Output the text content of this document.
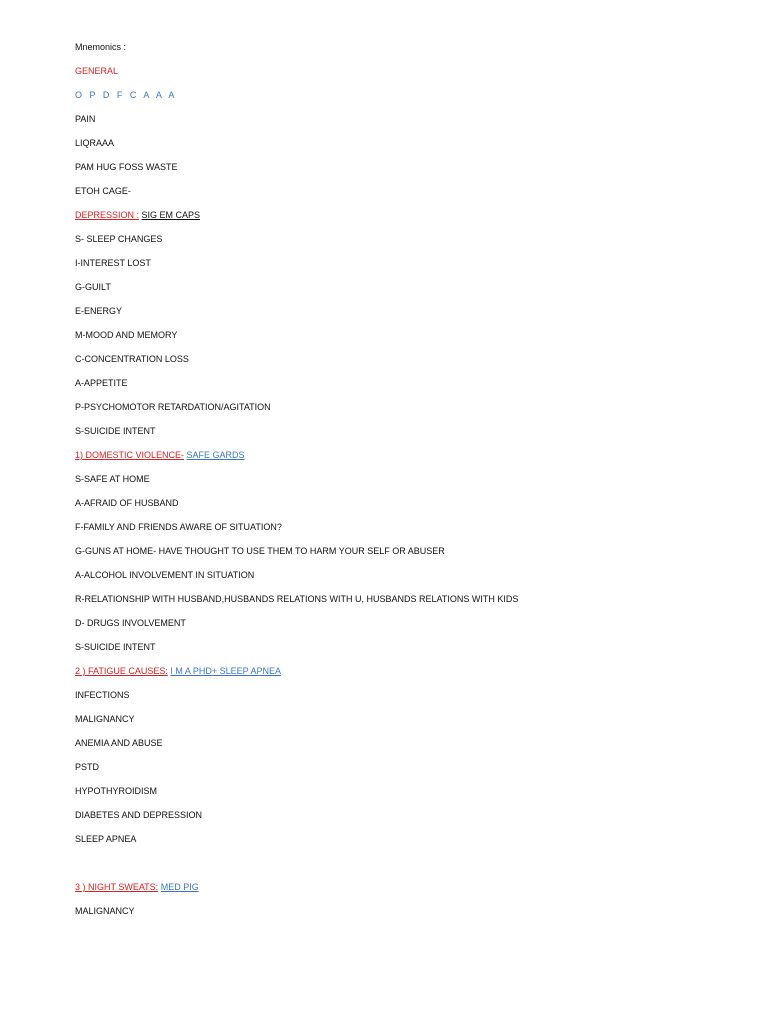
Mnemonics :
GENERAL
O P D F C A A A
PAIN
LIQRAAA
PAM HUG FOSS WASTE
ETOH CAGE-
DEPRESSION : SIG EM CAPS
S- SLEEP CHANGES
I-INTEREST LOST
G-GUILT
E-ENERGY
M-MOOD AND MEMORY
C-CONCENTRATION LOSS
A-APPETITE
P-PSYCHOMOTOR RETARDATION/AGITATION
S-SUICIDE INTENT
1) DOMESTIC VIOLENCE- SAFE GARDS
S-SAFE AT HOME
A-AFRAID OF HUSBAND
F-FAMILY AND FRIENDS AWARE OF SITUATION?
G-GUNS AT HOME- HAVE THOUGHT TO USE THEM TO HARM YOUR SELF OR ABUSER
A-ALCOHOL INVOLVEMENT IN SITUATION
R-RELATIONSHIP WITH HUSBAND,HUSBANDS RELATIONS WITH U, HUSBANDS RELATIONS WITH KIDS
D- DRUGS INVOLVEMENT
S-SUICIDE INTENT
2 ) FATIGUE CAUSES: I M A PHD+ SLEEP APNEA
INFECTIONS
MALIGNANCY
ANEMIA AND ABUSE
PSTD
HYPOTHYROIDISM
DIABETES AND DEPRESSION
SLEEP APNEA
3 ) NIGHT SWEATS: MED PIG
MALIGNANCY
